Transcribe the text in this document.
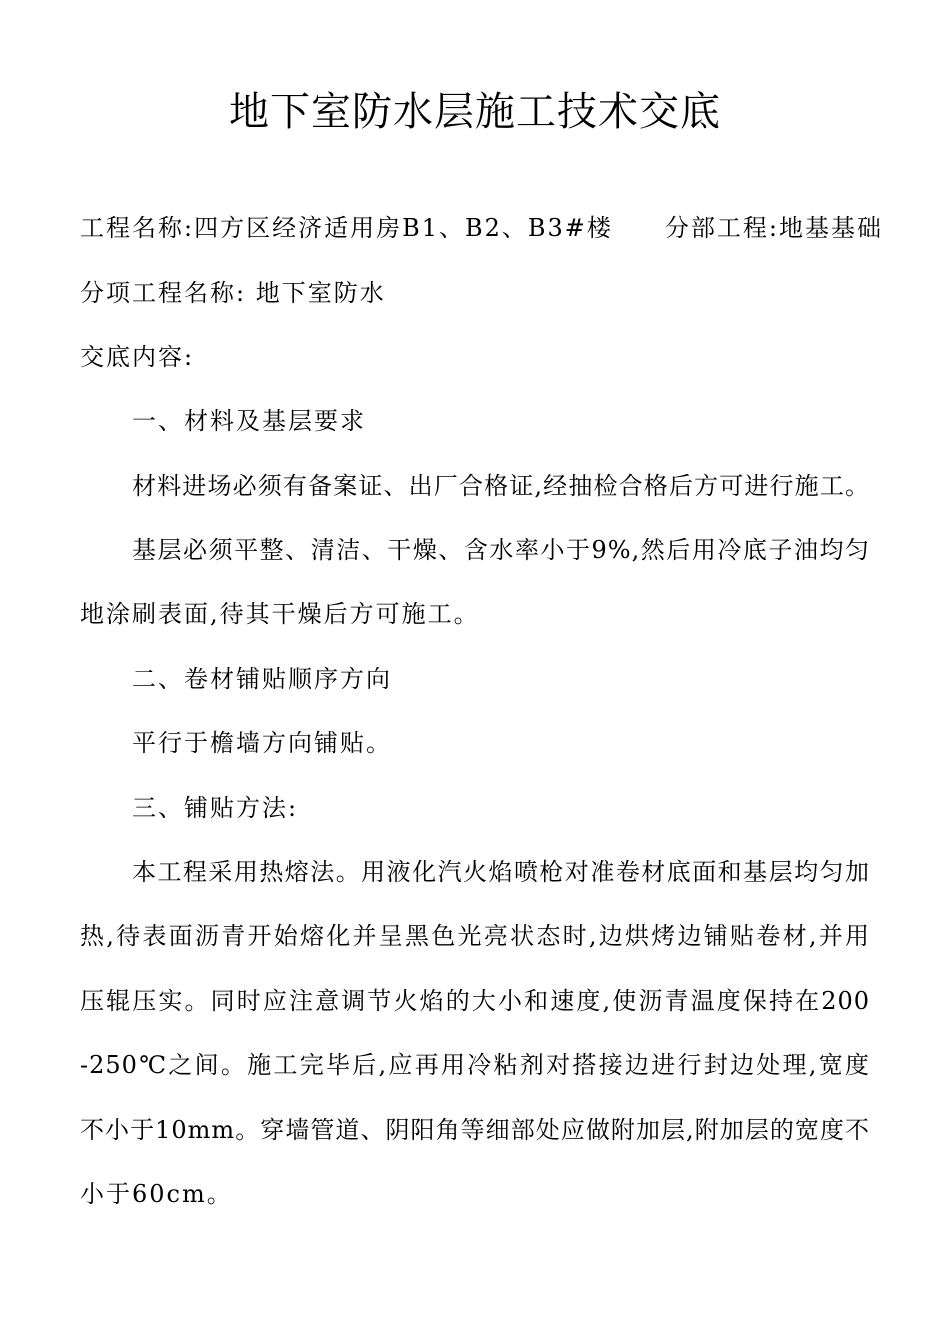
地下室防水层施工技术交底
工程名称:四方区经济适用房B1、B2、B3#楼 分部工程:地基基础
分项工程名称: 地下室防水
交底内容:
一、材料及基层要求
材料进场必须有备案证、出厂合格证,经抽检合格后方可进行施工。
基层必须平整、清洁、干燥、含水率小于9%,然后用冷底子油均匀
地涂刷表面,待其干燥后方可施工。
二、卷材铺贴顺序方向
平行于檐墙方向铺贴。
三、铺贴方法:
本工程采用热熔法。用液化汽火焰喷枪对准卷材底面和基层均匀加
热,待表面沥青开始熔化并呈黑色光亮状态时,边烘烤边铺贴卷材,并用
压辊压实。同时应注意调节火焰的大小和速度,使沥青温度保持在200
-250℃之间。施工完毕后,应再用冷粘剂对搭接边进行封边处理,宽度
不小于10mm。穿墙管道、阴阳角等细部处应做附加层,附加层的宽度不
小于60cm。
